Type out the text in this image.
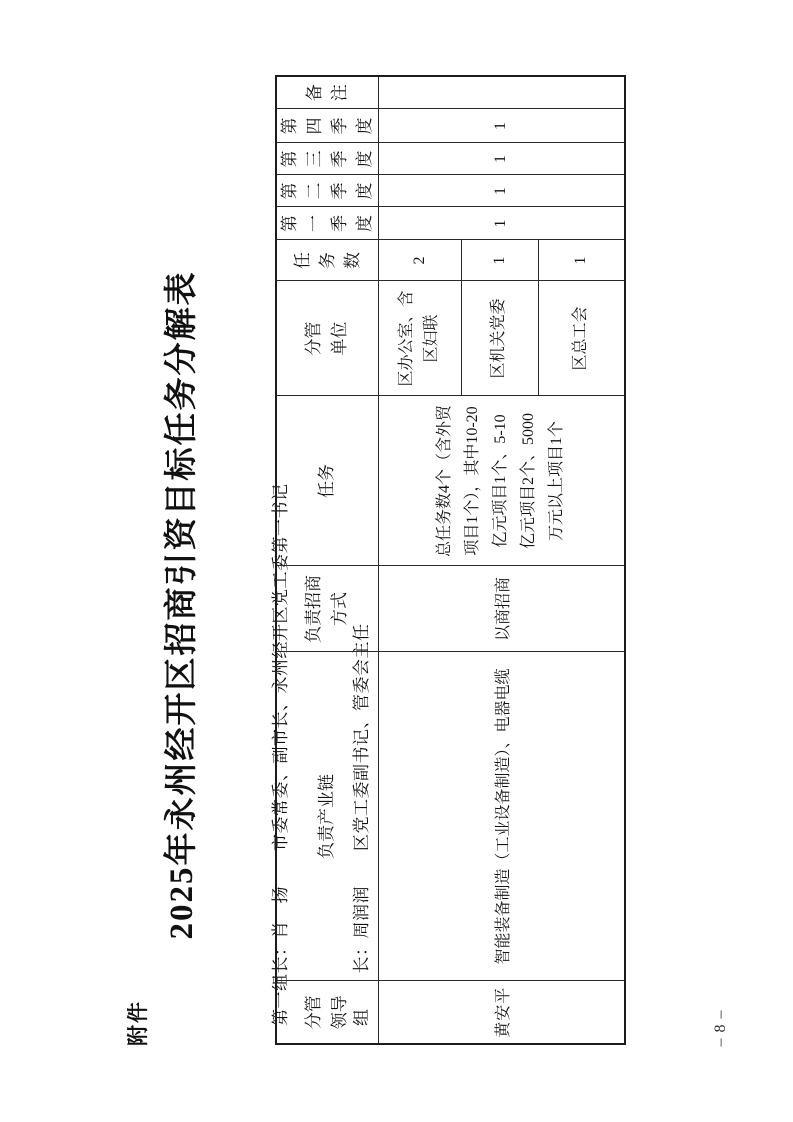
附件
2025年永州经开区招商引资目标任务分解表

	第一组长：肖　扬　　市委常委、副市长、永州经开区党工委第一书记

	组　　长：周润润　　区党工委副书记、管委会主任

分管领导	负责产业链	负责招商方式	任务	分管单位	任务数	第一季度	第二季度	第三季度	第四季度	备注

黄安平	智能装备制造（工业设备制造）、电器电缆	以商招商	总任务数4个（含外贸 项目1个），其中10-20 亿元项目1个、5-10 亿元项目2个、5000 万元以上项目1个	区办公室、含区妇联	2	1	1	1	1	

				区机关党委	1					

				区总工会	1					
– 8 –
